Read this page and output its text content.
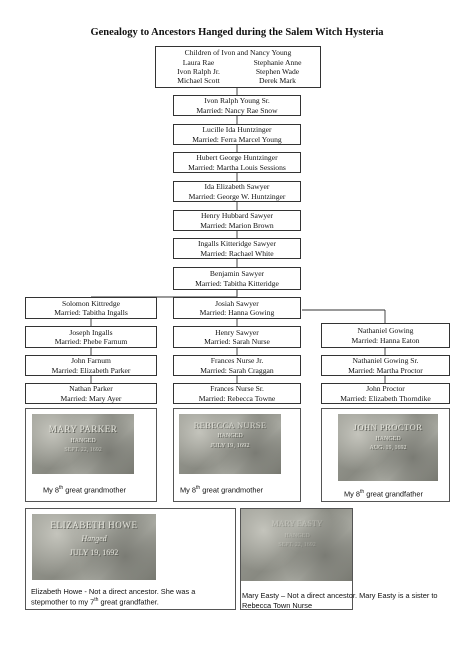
Genealogy to Ancestors Hanged during the Salem Witch Hysteria
Children of Ivon and Nancy Young
Laura Rae	Stephanie Anne
Ivon Ralph Jr.	Stephen Wade
Michael Scott	Derek Mark
Ivon Ralph Young Sr.
Married: Nancy Rae Snow
Lucille Ida Huntzinger
Married: Ferra Marcel Young
Hubert George Huntzinger
Married: Martha Louis Sessions
Ida Elizabeth Sawyer
Married: George W. Huntzinger
Henry Hubbard Sawyer
Married: Marion Brown
Ingalls Kitteridge Sawyer
Married: Rachael White
Benjamin Sawyer
Married: Tabitha Kitteridge
Solomon Kittredge
Married: Tabitha Ingalls
Joseph Ingalls
Married: Phebe Farnum
John Farnum
Married: Elizabeth Parker
Nathan Parker
Married: Mary Ayer
Josiah Sawyer
Married: Hanna Gowing
Henry Sawyer
Married: Sarah Nurse
Frances Nurse Jr.
Married: Sarah Craggan
Frances Nurse Sr.
Married: Rebecca Towne
Nathaniel Gowing
Married: Hanna Eaton
Nathaniel Gowing Sr.
Married: Martha Proctor
John Proctor
Married: Elizabeth Thorndike
MARY PARKER
HANGED
SEPT. 22, 1692
My 8th great grandmother
REBECCA NURSE
HANGED
JULY 19, 1692
My 8th great grandmother
JOHN PROCTOR
HANGED
AUG. 19, 1692
My 8th great grandfather
ELIZABETH HOWE
Hanged
JULY 19, 1692
Elizabeth Howe - Not a direct ancestor. She was a
stepmother to my 7th great grandfather.
MARY EASTY
HANGED
SEPT. 22, 1692
Mary Easty – Not a direct ancestor. Mary Easty is a sister to
Rebecca Town Nurse
